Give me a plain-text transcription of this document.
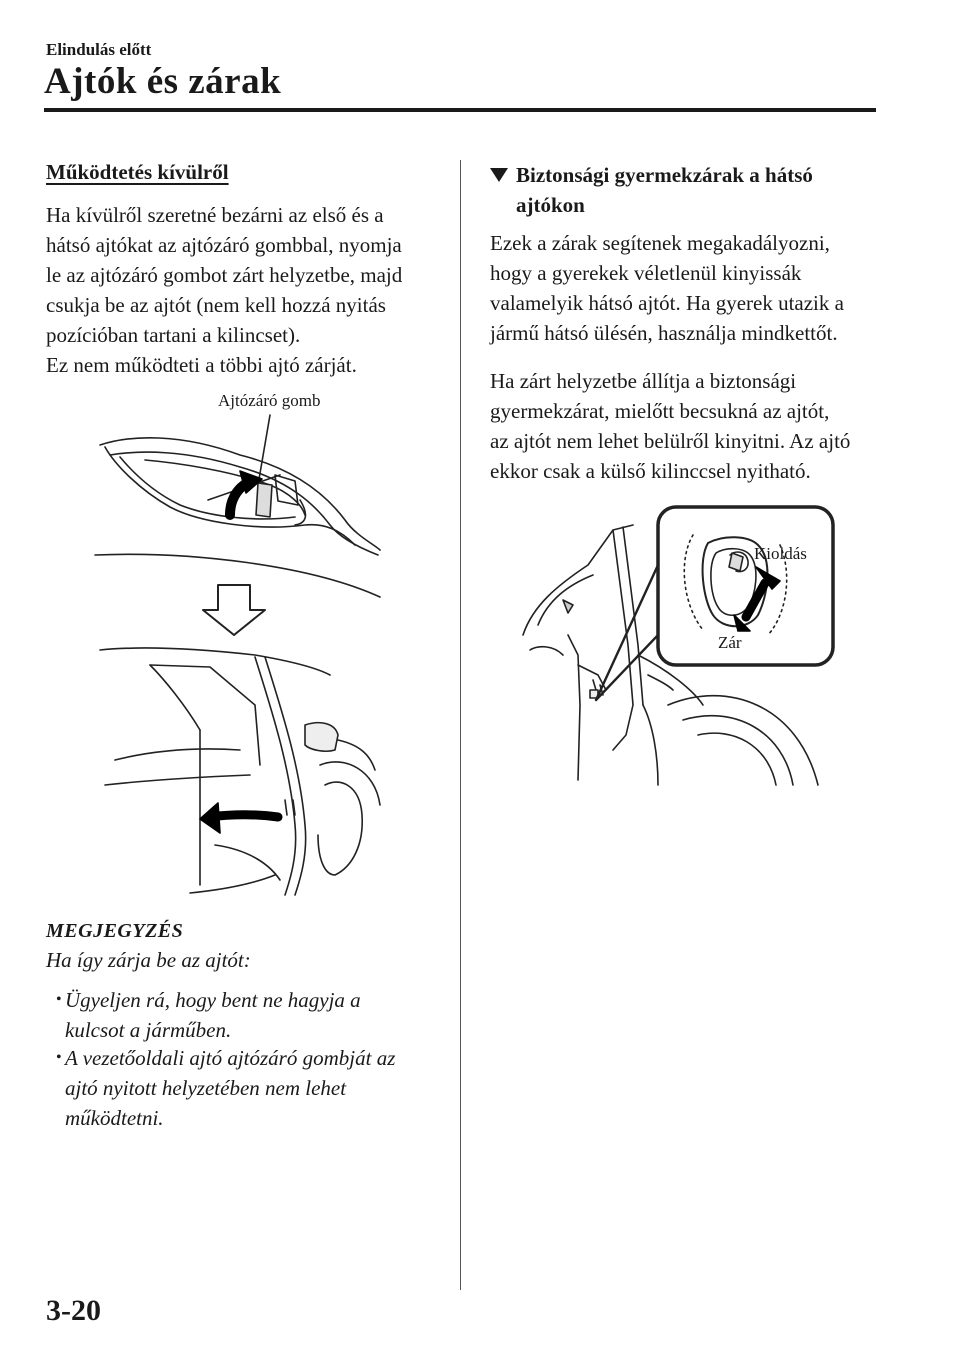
Elindulás előtt
Ajtók és zárak
Működtetés kívülről
Ha kívülről szeretné bezárni az első és a
hátsó ajtókat az ajtózáró gombbal, nyomja
le az ajtózáró gombot zárt helyzetbe, majd
csukja be az ajtót (nem kell hozzá nyitás
pozícióban tartani a kilincset).
Ez nem működteti a többi ajtó zárját.
Ajtózáró gomb
MEGJEGYZÉS
Ha így zárja be az ajtót:
• Ügyeljen rá, hogy bent ne hagyja a
kulcsot a járműben.
• A vezetőoldali ajtó ajtózáró gombját az
ajtó nyitott helyzetében nem lehet
működtetni.
Biztonsági gyermekzárak a hátsó
ajtókon
Ezek a zárak segítenek megakadályozni,
hogy a gyerekek véletlenül kinyissák
valamelyik hátsó ajtót. Ha gyerek utazik a
jármű hátsó ülésén, használja mindkettőt.
Ha zárt helyzetbe állítja a biztonsági
gyermekzárat, mielőtt becsukná az ajtót,
az ajtót nem lehet belülről kinyitni. Az ajtó
ekkor csak a külső kilinccsel nyitható.
Kioldás
Zár
3-20
